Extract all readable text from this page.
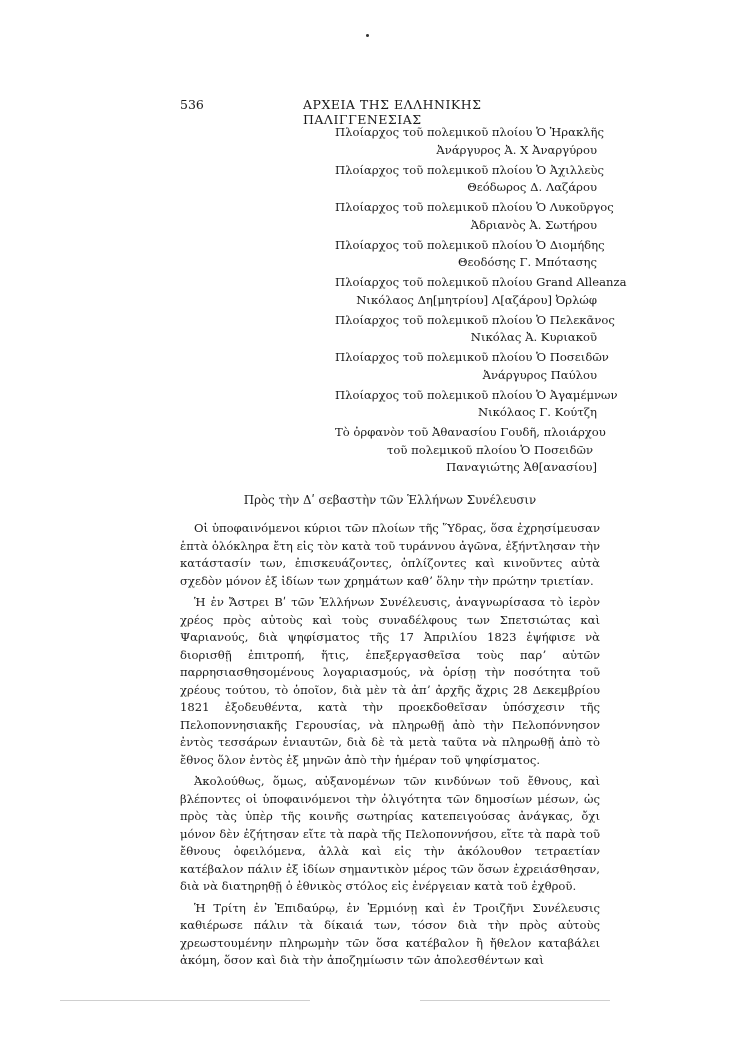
536	ΑΡΧΕΙΑ ΤΗΣ ΕΛΛΗΝΙΚΗΣ ΠΑΛΙΓΓΕΝΕΣΙΑΣ
Πλοίαρχος τοῦ πολεμικοῦ πλοίου Ὁ Ἡρακλῆς
Ἀνάργυρος Ἀ. Χ Ἀναργύρου
Πλοίαρχος τοῦ πολεμικοῦ πλοίου Ὁ Ἀχιλλεὺς
Θεόδωρος Δ. Λαζάρου
Πλοίαρχος τοῦ πολεμικοῦ πλοίου Ὁ Λυκοῦργος
Ἀδριανὸς Ἀ. Σωτήρου
Πλοίαρχος τοῦ πολεμικοῦ πλοίου Ὁ Διομήδης
Θεοδόσης Γ. Μπότασης
Πλοίαρχος τοῦ πολεμικοῦ πλοίου Grand Alleanza
Νικόλαος Δη[μητρίου] Λ[αζάρου] Ὀρλώφ
Πλοίαρχος τοῦ πολεμικοῦ πλοίου Ὁ Πελεκᾶνος
Νικόλας Ἀ. Κυριακοῦ
Πλοίαρχος τοῦ πολεμικοῦ πλοίου Ὁ Ποσειδῶν
Ἀνάργυρος Παύλου
Πλοίαρχος τοῦ πολεμικοῦ πλοίου Ὁ Ἀγαμέμνων
Νικόλαος Γ. Κούτζη
Τὸ ὀρφανὸν τοῦ Ἀθανασίου Γουδῆ, πλοιάρχου
τοῦ πολεμικοῦ πλοίου Ὁ Ποσειδῶν
Παναγιώτης Ἀθ[ανασίου]
Πρὸς τὴν Δʹ σεβαστὴν τῶν Ἑλλήνων Συνέλευσιν

Οἱ ὑποφαινόμενοι κύριοι τῶν πλοίων τῆς Ὕδρας, ὅσα ἐχρησίμευσαν ἑπτὰ ὁλόκληρα ἔτη εἰς τὸν κατὰ τοῦ τυράννου ἀγῶνα, ἐξήντλησαν τὴν κατάστασίν των, ἐπισκευάζοντες, ὁπλίζοντες καὶ κινοῦντες αὐτὰ σχεδὸν μόνον ἐξ ἰδίων των χρημάτων καθʼ ὅλην τὴν πρώτην τριετίαν.

Ἡ ἐν Ἄστρει Βʹ τῶν Ἑλλήνων Συνέλευσις, ἀναγνωρίσασα τὸ ἱερὸν χρέος πρὸς αὐτοὺς καὶ τοὺς συναδέλφους των Σπετσιώτας καὶ Ψαριανούς, διὰ ψηφίσματος τῆς 17 Ἀπριλίου 1823 ἐψήφισε νὰ διορισθῇ ἐπιτροπή, ἥτις, ἐπεξεργασθεῖσα τοὺς παρʼ αὐτῶν παρρησιασθησομένους λογαριασμούς, νὰ ὁρίσῃ τὴν ποσότητα τοῦ χρέους τούτου, τὸ ὁποῖον, διὰ μὲν τὰ ἀπʼ ἀρχῆς ἄχρις 28 Δεκεμβρίου 1821 ἐξοδευθέντα, κατὰ τὴν προεκδοθεῖσαν ὑπόσχεσιν τῆς Πελοποννησιακῆς Γερουσίας, νὰ πληρωθῇ ἀπὸ τὴν Πελοπόννησον ἐντὸς τεσσάρων ἐνιαυτῶν, διὰ δὲ τὰ μετὰ ταῦτα νὰ πληρωθῇ ἀπὸ τὸ ἔθνος ὅλον ἐντὸς ἐξ μηνῶν ἀπὸ τὴν ἡμέραν τοῦ ψηφίσματος.

Ἀκολούθως, ὅμως, αὐξανομένων τῶν κινδύνων τοῦ ἔθνους, καὶ βλέποντες οἱ ὑποφαινόμενοι τὴν ὀλιγότητα τῶν δημοσίων μέσων, ὡς πρὸς τὰς ὑπὲρ τῆς κοινῆς σωτηρίας κατεπειγούσας ἀνάγκας, ὄχι μόνον δὲν ἐζήτησαν εἴτε τὰ παρὰ τῆς Πελοποννήσου, εἴτε τὰ παρὰ τοῦ ἔθνους ὀφειλόμενα, ἀλλὰ καὶ εἰς τὴν ἀκόλουθον τετραετίαν κατέβαλον πάλιν ἐξ ἰδίων σημαντικὸν μέρος τῶν ὅσων ἐχρειάσθησαν, διὰ νὰ διατηρηθῇ ὁ ἐθνικὸς στόλος εἰς ἐνέργειαν κατὰ τοῦ ἐχθροῦ.

Ἡ Τρίτη ἐν Ἐπιδαύρῳ, ἐν Ἑρμιόνῃ καὶ ἐν Τροιζῆνι Συνέλευσις καθιέρωσε πάλιν τὰ δίκαιά των, τόσον διὰ τὴν πρὸς αὐτοὺς χρεωστουμένην πληρωμὴν τῶν ὅσα κατέβαλον ἢ ἤθελον καταβάλει ἀκόμη, ὅσον καὶ διὰ τὴν ἀποζημίωσιν τῶν ἀπολεσθέντων καὶ
